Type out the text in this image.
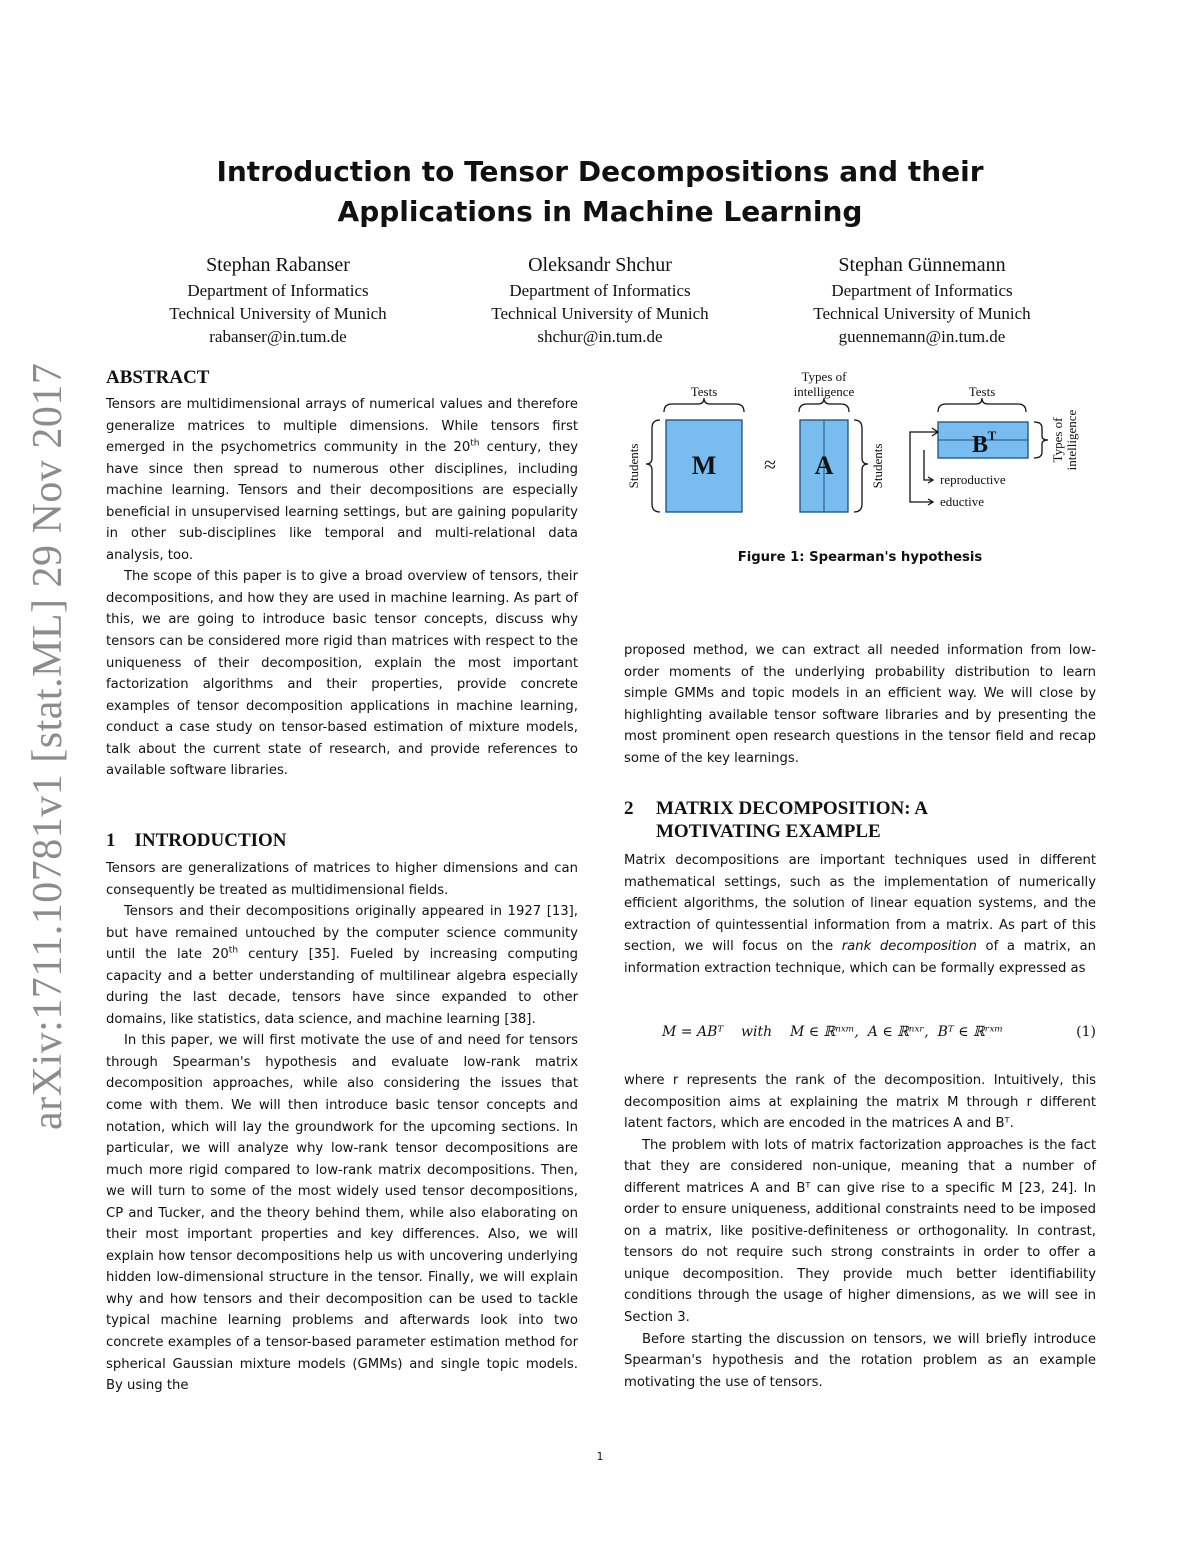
arXiv:1711.10781v1 [stat.ML] 29 Nov 2017
Introduction to Tensor Decompositions and their
Applications in Machine Learning
Stephan Rabanser
Department of Informatics
Technical University of Munich
rabanser@in.tum.de
Oleksandr Shchur
Department of Informatics
Technical University of Munich
shchur@in.tum.de
Stephan Günnemann
Department of Informatics
Technical University of Munich
guennemann@in.tum.de
ABSTRACT

Tensors are multidimensional arrays of numerical values and therefore generalize matrices to multiple dimensions. While tensors first emerged in the psychometrics community in the 20th century, they have since then spread to numerous other disciplines, including machine learning. Tensors and their decompositions are especially beneficial in unsupervised learning settings, but are gaining popularity in other sub-disciplines like temporal and multi-relational data analysis, too.

The scope of this paper is to give a broad overview of tensors, their decompositions, and how they are used in machine learning. As part of this, we are going to introduce basic tensor concepts, discuss why tensors can be considered more rigid than matrices with respect to the uniqueness of their decomposition, explain the most important factorization algorithms and their properties, provide concrete examples of tensor decomposition applications in machine learning, conduct a case study on tensor-based estimation of mixture models, talk about the current state of research, and provide references to available software libraries.

1 INTRODUCTION

Tensors are generalizations of matrices to higher dimensions and can consequently be treated as multidimensional fields.

Tensors and their decompositions originally appeared in 1927 [13], but have remained untouched by the computer science community until the late 20th century [35]. Fueled by increasing computing capacity and a better understanding of multilinear algebra especially during the last decade, tensors have since expanded to other domains, like statistics, data science, and machine learning [38].

In this paper, we will first motivate the use of and need for tensors through Spearman's hypothesis and evaluate low-rank matrix decomposition approaches, while also considering the issues that come with them. We will then introduce basic tensor concepts and notation, which will lay the groundwork for the upcoming sections. In particular, we will analyze why low-rank tensor decompositions are much more rigid compared to low-rank matrix decompositions. Then, we will turn to some of the most widely used tensor decompositions, CP and Tucker, and the theory behind them, while also elaborating on their most important properties and key differences. Also, we will explain how tensor decompositions help us with uncovering underlying hidden low-dimensional structure in the tensor. Finally, we will explain why and how tensors and their decomposition can be used to tackle typical machine learning problems and afterwards look into two concrete examples of a tensor-based parameter estimation method for spherical Gaussian mixture models (GMMs) and single topic models. By using the

Tests
Types of
intelligence	Tests
M ≈ A
B T
reproductive
eductive
Students	Students
Types of intelligence
Figure 1: Spearman's hypothesis

proposed method, we can extract all needed information from low-order moments of the underlying probability distribution to learn simple GMMs and topic models in an efficient way. We will close by highlighting available tensor software libraries and by presenting the most prominent open research questions in the tensor field and recap some of the key learnings.

2	MATRIX DECOMPOSITION: A
MOTIVATING EXAMPLE

Matrix decompositions are important techniques used in different mathematical settings, such as the implementation of numerically efficient algorithms, the solution of linear equation systems, and the extraction of quintessential information from a matrix. As part of this section, we will focus on the rank decomposition of a matrix, an information extraction technique, which can be formally expressed as

M = ABᵀ    with    M ∈ ℝⁿˣᵐ,  A ∈ ℝⁿˣʳ,  Bᵀ ∈ ℝʳˣᵐ	(1)

where r represents the rank of the decomposition. Intuitively, this decomposition aims at explaining the matrix M through r different latent factors, which are encoded in the matrices A and Bᵀ.

The problem with lots of matrix factorization approaches is the fact that they are considered non-unique, meaning that a number of different matrices A and Bᵀ can give rise to a specific M [23, 24]. In order to ensure uniqueness, additional constraints need to be imposed on a matrix, like positive-definiteness or orthogonality. In contrast, tensors do not require such strong constraints in order to offer a unique decomposition. They provide much better identifiability conditions through the usage of higher dimensions, as we will see in Section 3.

Before starting the discussion on tensors, we will briefly introduce Spearman's hypothesis and the rotation problem as an example motivating the use of tensors.

1
